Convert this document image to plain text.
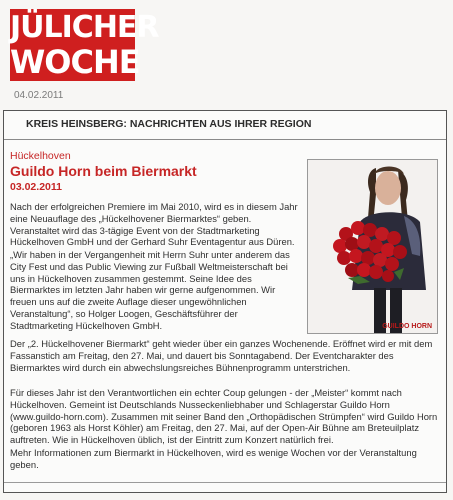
JÜLICHER
WOCHE
04.02.2011
KREIS HEINSBERG: NACHRICHTEN AUS IHRER REGION
Hückelhoven
Guildo Horn beim Biermarkt
03.02.2011

Nach der erfolgreichen Premiere im Mai 2010, wird es in diesem Jahr eine Neuauflage des „Hückelhovener Biermarktes“ geben. Veranstaltet wird das 3-tägige Event von der Stadtmarketing Hückelhoven GmbH und der Gerhard Suhr Eventagentur aus Düren.

„Wir haben in der Vergangenheit mit Herrn Suhr unter anderem das City Fest und das Public Viewing zur Fußball Weltmeisterschaft bei uns in Hückelhoven zusammen gestemmt. Seine Idee des Biermarktes im letzten Jahr haben wir gerne aufgenommen. Wir freuen uns auf die zweite Auflage dieser ungewöhnlichen Veranstaltung“, so Holger Loogen, Geschäftsführer der Stadtmarketing Hückelhoven GmbH.

Der „2. Hückelhovener Biermarkt“ geht wieder über ein ganzes Wochenende. Eröffnet wird er mit dem Fassanstich am Freitag, den 27. Mai, und dauert bis Sonntagabend. Der Eventcharakter des Biermarktes wird durch ein abwechslungsreiches Bühnenprogramm unterstrichen.

Für dieses Jahr ist den Verantwortlichen ein echter Coup gelungen - der „Meister“ kommt nach Hückelhoven. Gemeint ist Deutschlands Nusseckenliebhaber und Schlagerstar Guildo Horn (www.guildo-horn.com). Zusammen mit seiner Band den „Orthopädischen Strümpfen“ wird Guildo Horn (geboren 1963 als Horst Köhler) am Freitag, den 27. Mai, auf der Open-Air Bühne am Breteuilplatz auftreten. Wie in Hückelhoven üblich, ist der Eintritt zum Konzert natürlich frei.

Mehr Informationen zum Biermarkt in Hückelhoven, wird es wenige Wochen vor der Veranstaltung geben.

GUILDO HORN
